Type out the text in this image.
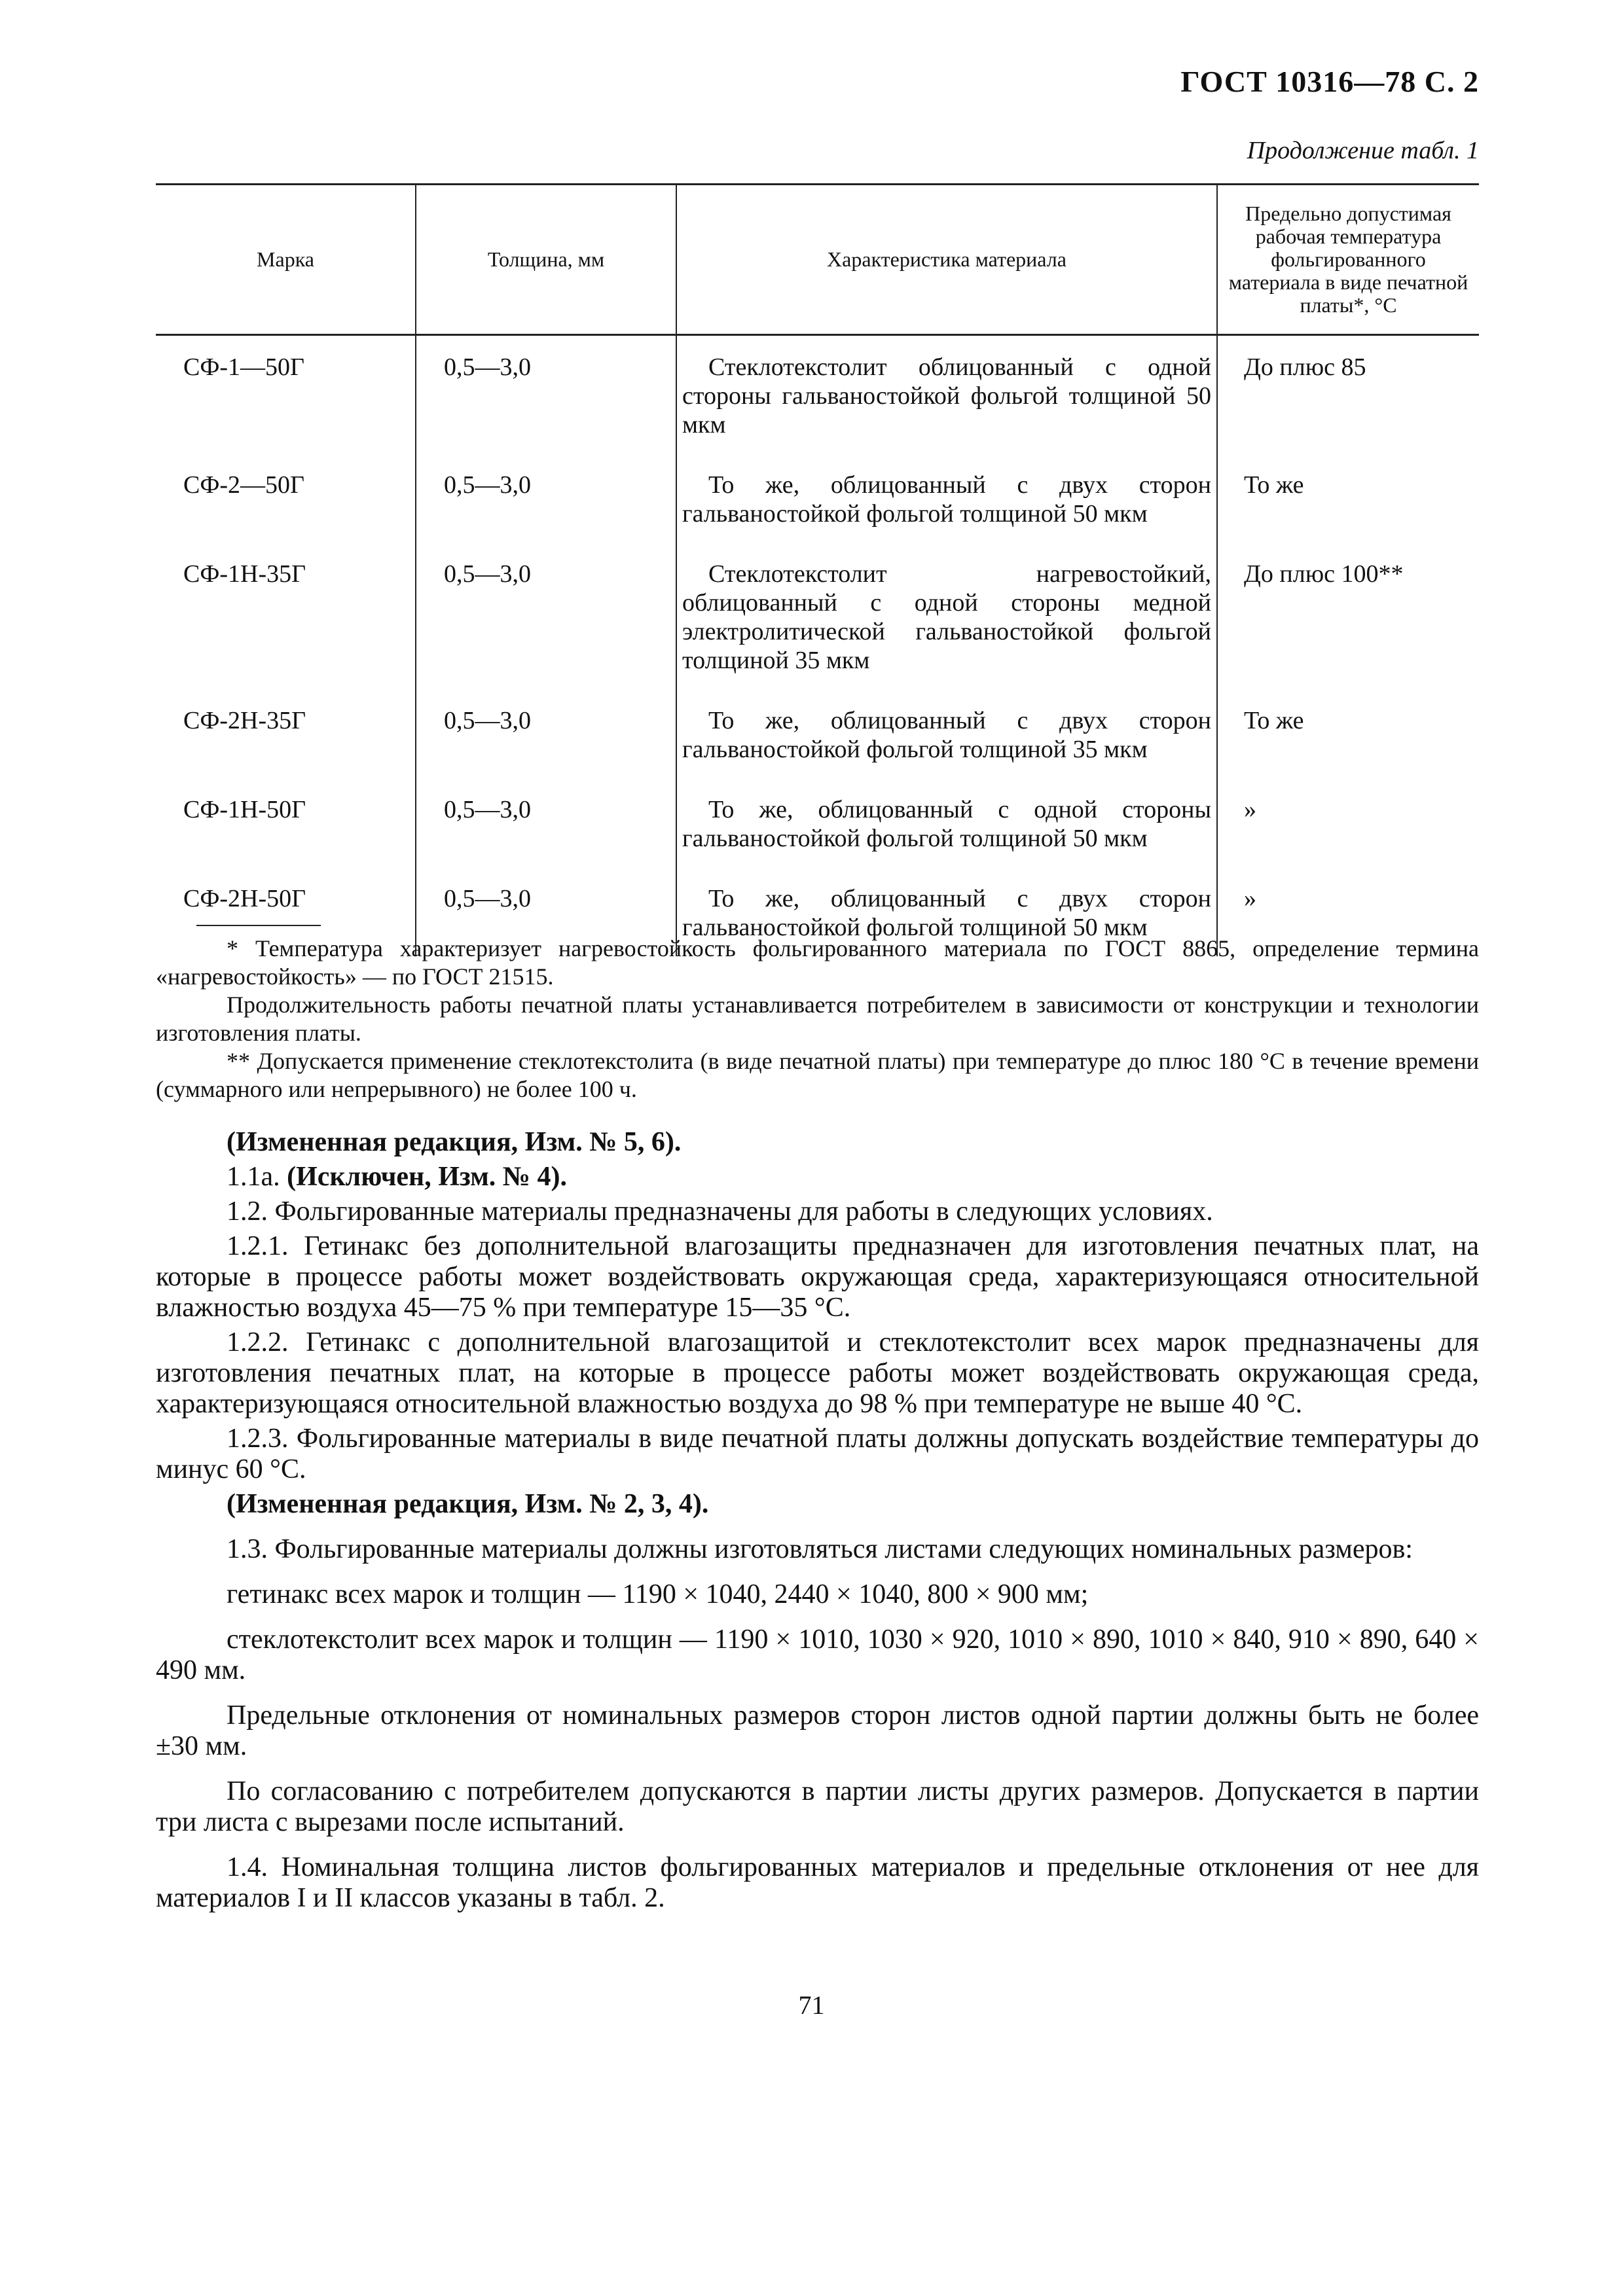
ГОСТ 10316—78 С. 2
Продолжение табл. 1
Марка	Толщина, мм	Характеристика материала	Предельно допустимая рабочая температура фольгированного материала в виде печатной платы*, °С
СФ-1—50Г	0,5—3,0	Стеклотекстолит облицованный с одной стороны гальваностойкой фольгой толщиной 50 мкм	До плюс 85
СФ-2—50Г	0,5—3,0	То же, облицованный с двух сторон гальваностойкой фольгой толщиной 50 мкм	То же
СФ-1Н-35Г	0,5—3,0	Стеклотекстолит нагревостойкий, облицованный с одной стороны медной электролитической гальваностойкой фольгой толщиной 35 мкм	До плюс 100**
СФ-2Н-35Г	0,5—3,0	То же, облицованный с двух сторон гальваностойкой фольгой толщиной 35 мкм	То же
СФ-1Н-50Г	0,5—3,0	То же, облицованный с одной стороны гальваностойкой фольгой толщиной 50 мкм	»
СФ-2Н-50Г	0,5—3,0	То же, облицованный с двух сторон гальваностойкой фольгой толщиной 50 мкм	»

* Температура характеризует нагревостойкость фольгированного материала по ГОСТ 8865, определение термина «нагревостойкость» — по ГОСТ 21515.

Продолжительность работы печатной платы устанавливается потребителем в зависимости от конструкции и технологии изготовления платы.

** Допускается применение стеклотекстолита (в виде печатной платы) при температуре до плюс 180 °С в течение времени (суммарного или непрерывного) не более 100 ч.

(Измененная редакция, Изм. № 5, 6).

1.1а. (Исключен, Изм. № 4).

1.2. Фольгированные материалы предназначены для работы в следующих условиях.

1.2.1. Гетинакс без дополнительной влагозащиты предназначен для изготовления печатных плат, на которые в процессе работы может воздействовать окружающая среда, характеризующаяся относительной влажностью воздуха 45—75 % при температуре 15—35 °С.

1.2.2. Гетинакс с дополнительной влагозащитой и стеклотекстолит всех марок предназначены для изготовления печатных плат, на которые в процессе работы может воздействовать окружающая среда, характеризующаяся относительной влажностью воздуха до 98 % при температуре не выше 40 °С.

1.2.3. Фольгированные материалы в виде печатной платы должны допускать воздействие температуры до минус 60 °С.

(Измененная редакция, Изм. № 2, 3, 4).

1.3. Фольгированные материалы должны изготовляться листами следующих номинальных размеров:

гетинакс всех марок и толщин — 1190 × 1040, 2440 × 1040, 800 × 900 мм;

стеклотекстолит всех марок и толщин — 1190 × 1010, 1030 × 920, 1010 × 890, 1010 × 840, 910 × 890, 640 × 490 мм.

Предельные отклонения от номинальных размеров сторон листов одной партии должны быть не более ±30 мм.

По согласованию с потребителем допускаются в партии листы других размеров. Допускается в партии три листа с вырезами после испытаний.

1.4. Номинальная толщина листов фольгированных материалов и предельные отклонения от нее для материалов I и II классов указаны в табл. 2.

71
